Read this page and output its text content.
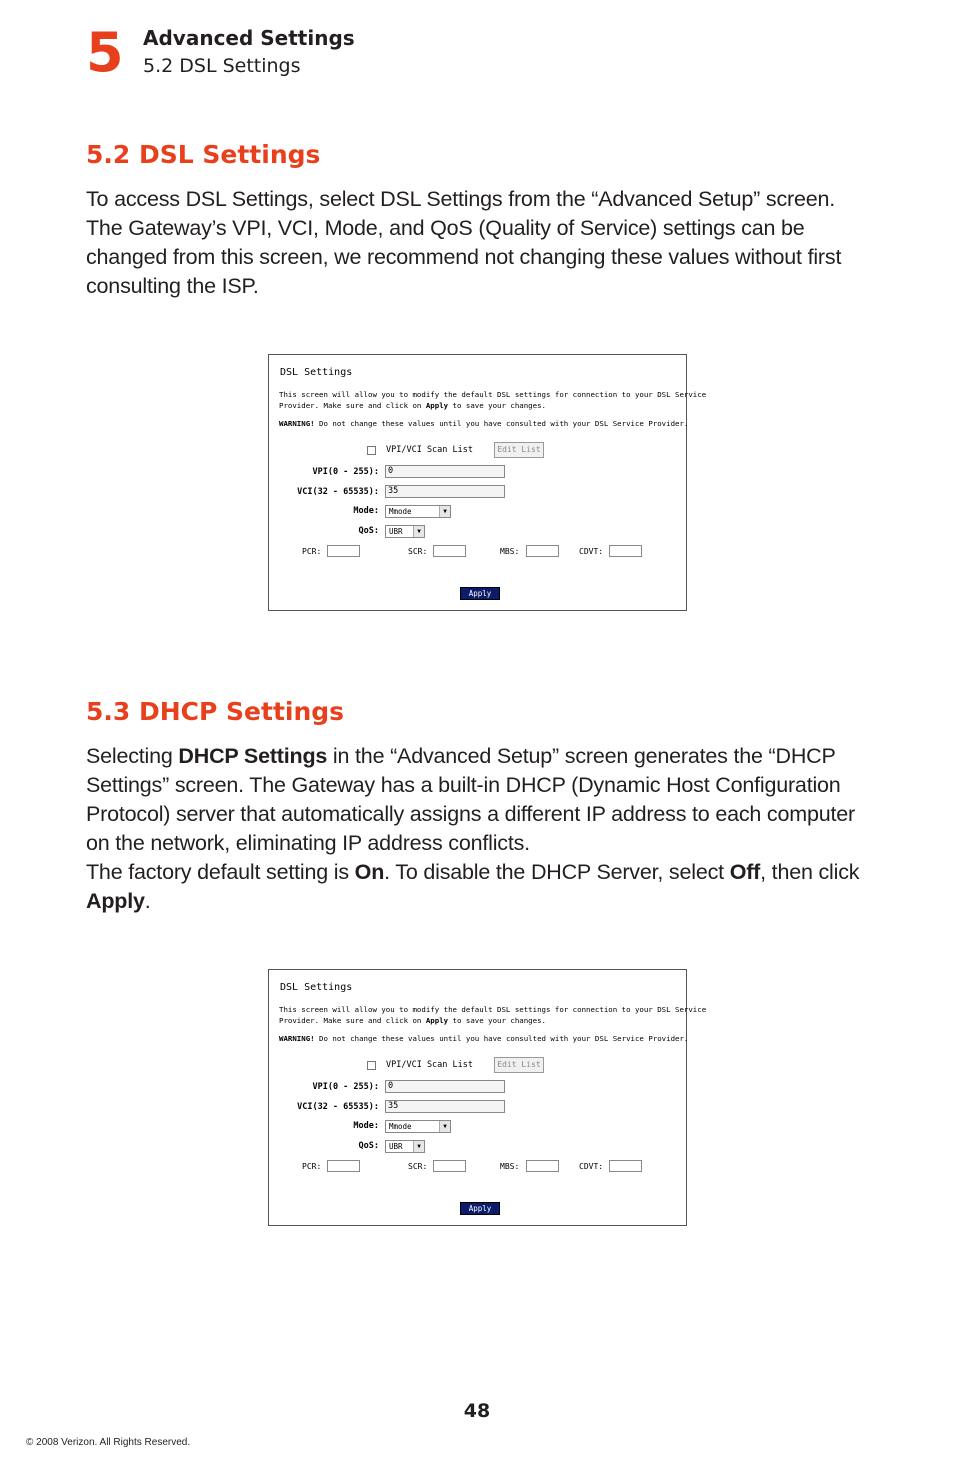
5 Advanced Settings
5.2 DSL Settings
5.2 DSL Settings

To access DSL Settings, select DSL Settings from the “Advanced Setup” screen. The Gateway’s VPI, VCI, Mode, and QoS (Quality of Service) settings can be changed from this screen, we recommend not changing these values without first consulting the ISP.

DSL Settings
This screen will allow you to modify the default DSL settings for connection to your DSL Service
Provider. Make sure and click on Apply to save your changes.
WARNING! Do not change these values until you have consulted with your DSL Service Provider.
VPI/VCI Scan List	Edit List
VPI(0 - 255):	0
VCI(32 - 65535):	35
Mode:	Mmode	▼
QoS:	UBR	▼
PCR:	SCR:	MBS:	CDVT:
Apply
5.3 DHCP Settings

Selecting DHCP Settings in the “Advanced Setup” screen generates the “DHCP Settings” screen. The Gateway has a built-in DHCP (Dynamic Host Configuration Protocol) server that automatically assigns a different IP address to each computer on the network, eliminating IP address conflicts.

The factory default setting is On. To disable the DHCP Server, select Off, then click Apply.

DSL Settings
This screen will allow you to modify the default DSL settings for connection to your DSL Service
Provider. Make sure and click on Apply to save your changes.
WARNING! Do not change these values until you have consulted with your DSL Service Provider.
VPI/VCI Scan List	Edit List
VPI(0 - 255):	0
VCI(32 - 65535):	35
Mode:	Mmode	▼
QoS:	UBR	▼
PCR:	SCR:	MBS:	CDVT:
Apply
48
© 2008 Verizon. All Rights Reserved.
